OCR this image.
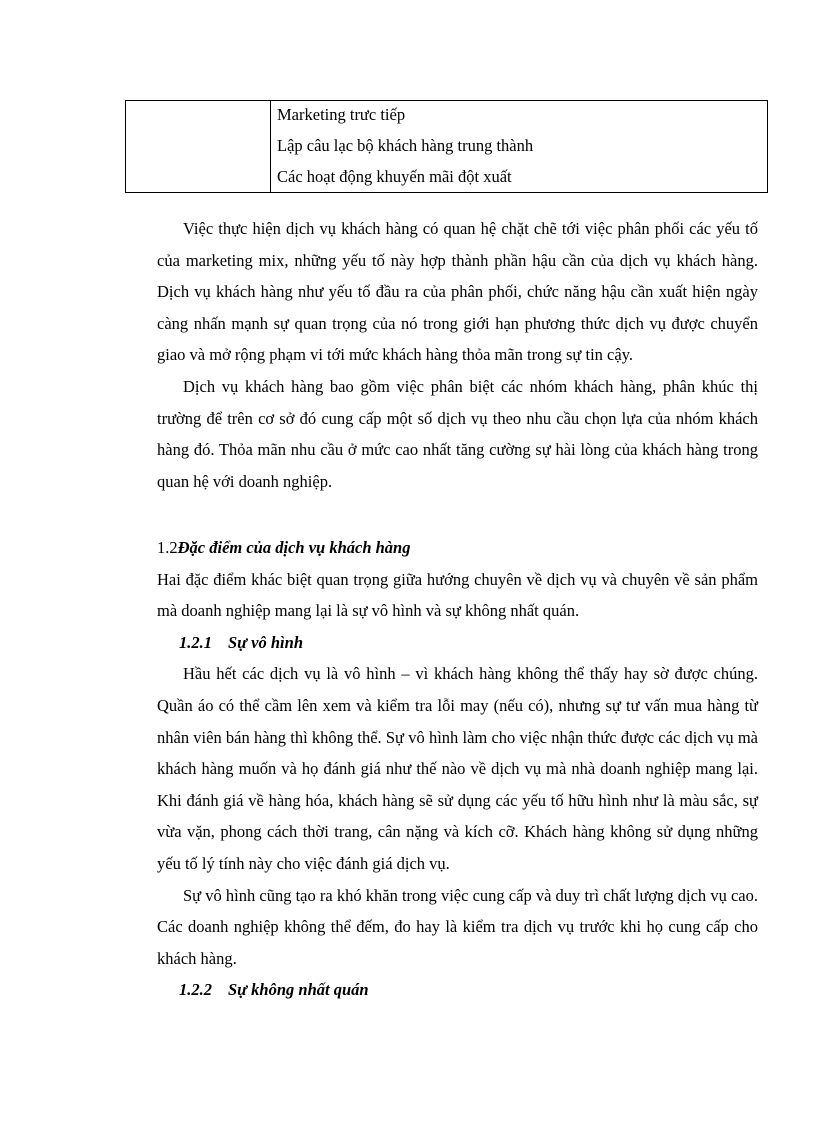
Marketing trưc tiếp
Lập câu lạc bộ khách hàng trung thành
Các hoạt động khuyến mãi đột xuất

Việc thực hiện dịch vụ khách hàng có quan hệ chặt chẽ tới việc phân phối các yếu tố của marketing mix, những yếu tố này hợp thành phần hậu cần của dịch vụ khách hàng. Dịch vụ khách hàng như yếu tố đầu ra của phân phối, chức năng hậu cần xuất hiện ngày càng nhấn mạnh sự quan trọng của nó trong giới hạn phương thức dịch vụ được chuyển giao và mở rộng phạm vi tới mức khách hàng thỏa mãn trong sự tin cậy.

Dịch vụ khách hàng bao gồm việc phân biệt các nhóm khách hàng, phân khúc thị trường để trên cơ sở đó cung cấp một số dịch vụ theo nhu cầu chọn lựa của nhóm khách hàng đó. Thỏa mãn nhu cầu ở mức cao nhất tăng cường sự hài lòng của khách hàng trong quan hệ với doanh nghiệp.

1.2Đặc điểm của dịch vụ khách hàng

Hai đặc điểm khác biệt quan trọng giữa hướng chuyên về dịch vụ và chuyên về sản phẩm mà doanh nghiệp mang lại là sự vô hình và sự không nhất quán.

1.2.1 Sự vô hình

Hầu hết các dịch vụ là vô hình – vì khách hàng không thể thấy hay sờ được chúng. Quần áo có thể cầm lên xem và kiểm tra lỗi may (nếu có), nhưng sự tư vấn mua hàng từ nhân viên bán hàng thì không thể. Sự vô hình làm cho việc nhận thức được các dịch vụ mà khách hàng muốn và họ đánh giá như thế nào về dịch vụ mà nhà doanh nghiệp mang lại. Khi đánh giá về hàng hóa, khách hàng sẽ sử dụng các yếu tố hữu hình như là màu sắc, sự vừa vặn, phong cách thời trang, cân nặng và kích cỡ. Khách hàng không sử dụng những yếu tố lý tính này cho việc đánh giá dịch vụ.

Sự vô hình cũng tạo ra khó khăn trong việc cung cấp và duy trì chất lượng dịch vụ cao. Các doanh nghiệp không thể đếm, đo hay là kiểm tra dịch vụ trước khi họ cung cấp cho khách hàng.

1.2.2 Sự không nhất quán
